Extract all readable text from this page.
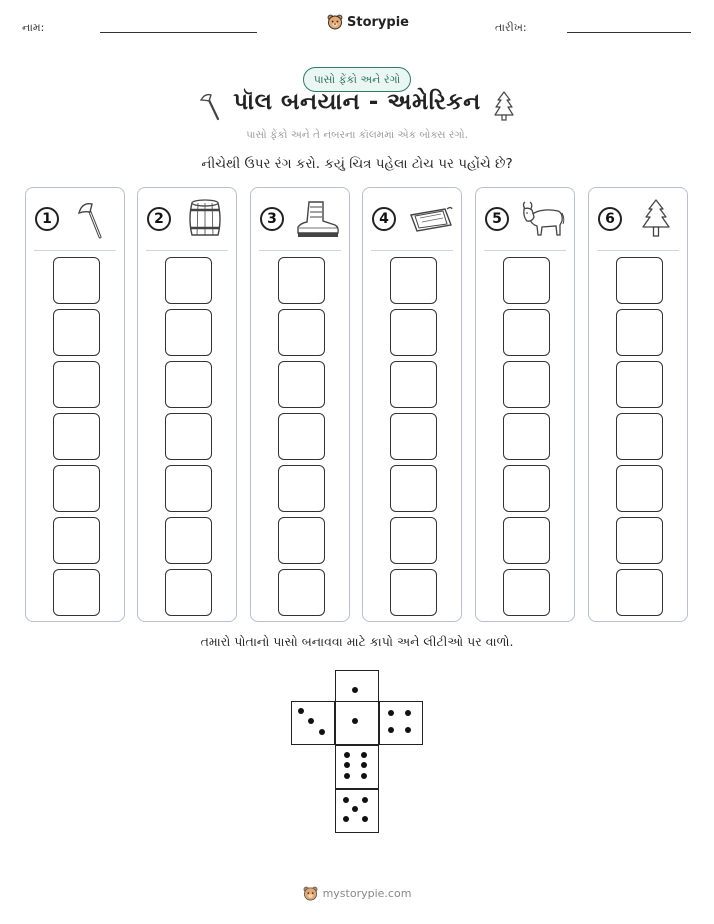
નામ:	Storypie	તારીખ:
પાસો ફેંકો અને રંગો
પૉલ બનયાન - અમેરિકન
પાસો ફેંકો અને તે નંબરના કૉલમમાં એક બોક્સ રંગો.
નીચેથી ઉપર રંગ કરો. કયું ચિત્ર પહેલા ટોચ પર પહોંચે છે?
1	2	3	4	5	6
તમારો પોતાનો પાસો બનાવવા માટે કાપો અને લીટીઓ પર વાળો.
mystorypie.com
